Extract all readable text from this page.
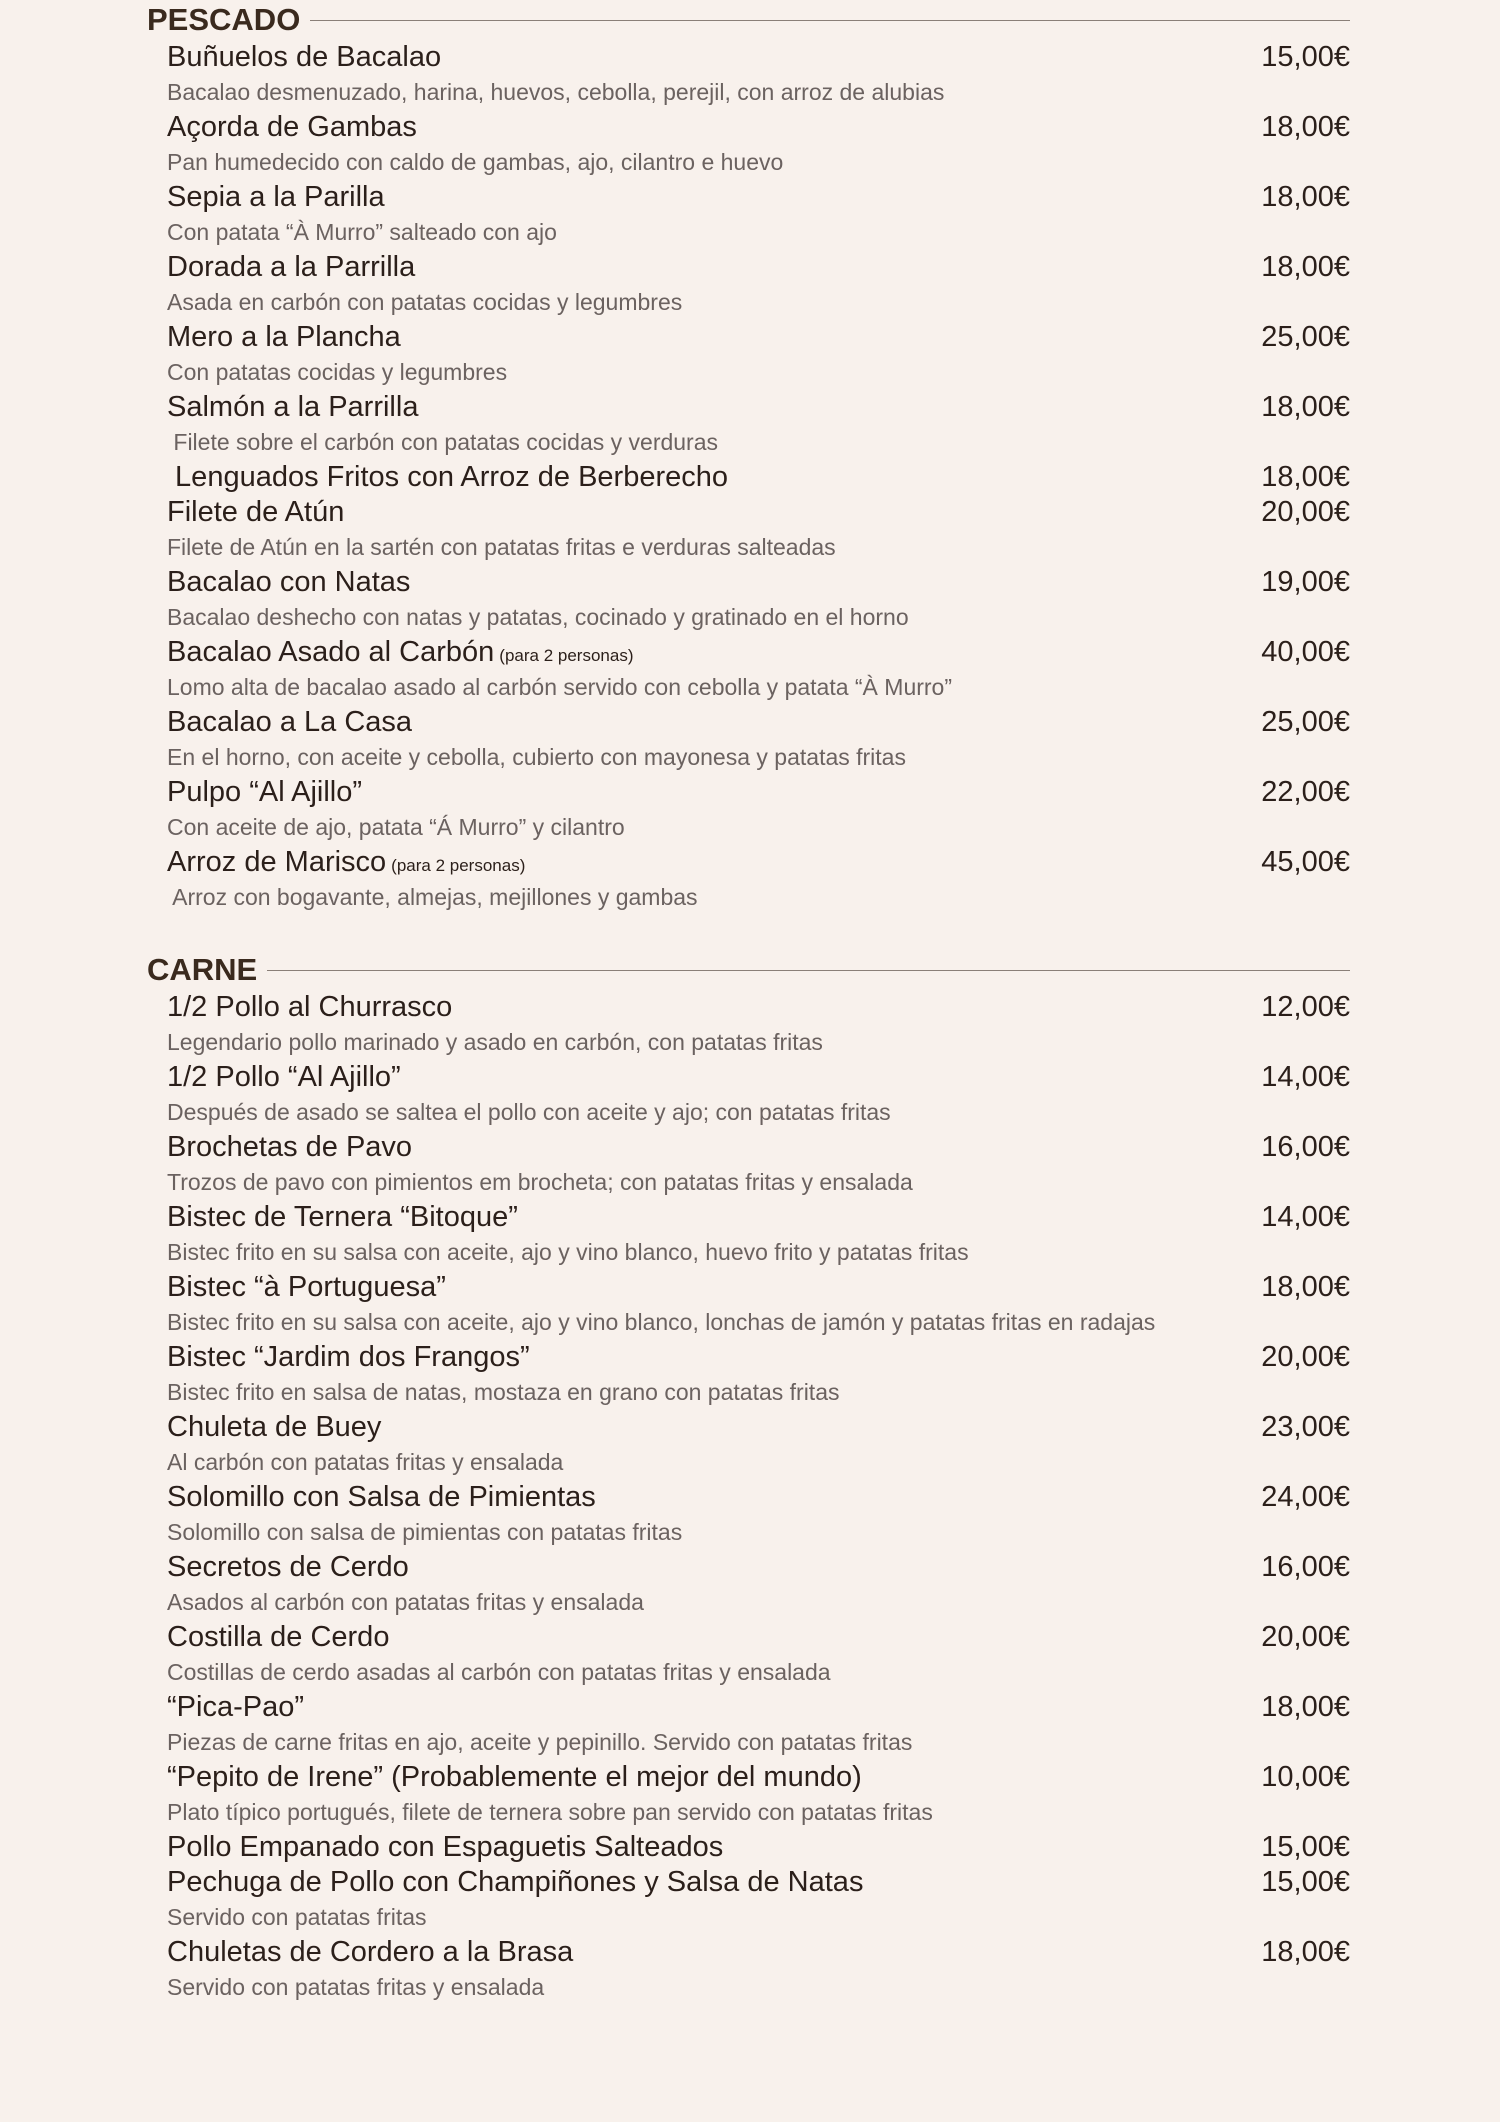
PESCADO
Buñuelos de Bacalao	15,00€
Bacalao desmenuzado, harina, huevos, cebolla, perejil, con arroz de alubias
Açorda de Gambas	18,00€
Pan humedecido con caldo de gambas, ajo, cilantro e huevo
Sepia a la Parilla	18,00€
Con patata “À Murro” salteado con ajo
Dorada a la Parrilla	18,00€
Asada en carbón con patatas cocidas y legumbres
Mero a la Plancha	25,00€
Con patatas cocidas y legumbres
Salmón a la Parrilla	18,00€
Filete sobre el carbón con patatas cocidas y verduras
Lenguados Fritos con Arroz de Berberecho	18,00€
Filete de Atún	20,00€
Filete de Atún en la sartén con patatas fritas e verduras salteadas
Bacalao con Natas	19,00€
Bacalao deshecho con natas y patatas, cocinado y gratinado en el horno
Bacalao Asado al Carbón (para 2 personas)	40,00€
Lomo alta de bacalao asado al carbón servido con cebolla y patata “À Murro”
Bacalao a La Casa	25,00€
En el horno, con aceite y cebolla, cubierto con mayonesa y patatas fritas
Pulpo “Al Ajillo”	22,00€
Con aceite de ajo, patata “Á Murro” y cilantro
Arroz de Marisco (para 2 personas)	45,00€
Arroz con bogavante, almejas, mejillones y gambas
CARNE
1/2 Pollo al Churrasco	12,00€
Legendario pollo marinado y asado en carbón, con patatas fritas
1/2 Pollo “Al Ajillo”	14,00€
Después de asado se saltea el pollo con aceite y ajo; con patatas fritas
Brochetas de Pavo	16,00€
Trozos de pavo con pimientos em brocheta; con patatas fritas y ensalada
Bistec de Ternera “Bitoque”	14,00€
Bistec frito en su salsa con aceite, ajo y vino blanco, huevo frito y patatas fritas
Bistec “à Portuguesa”	18,00€
Bistec frito en su salsa con aceite, ajo y vino blanco, lonchas de jamón y patatas fritas en radajas
Bistec “Jardim dos Frangos”	20,00€
Bistec frito en salsa de natas, mostaza en grano con patatas fritas
Chuleta de Buey	23,00€
Al carbón con patatas fritas y ensalada
Solomillo con Salsa de Pimientas	24,00€
Solomillo con salsa de pimientas con patatas fritas
Secretos de Cerdo	16,00€
Asados al carbón con patatas fritas y ensalada
Costilla de Cerdo	20,00€
Costillas de cerdo asadas al carbón con patatas fritas y ensalada
“Pica-Pao”	18,00€
Piezas de carne fritas en ajo, aceite y pepinillo. Servido con patatas fritas
“Pepito de Irene” (Probablemente el mejor del mundo)	10,00€
Plato típico portugués, filete de ternera sobre pan servido con patatas fritas
Pollo Empanado con Espaguetis Salteados	15,00€
Pechuga de Pollo con Champiñones y Salsa de Natas	15,00€
Servido con patatas fritas
Chuletas de Cordero a la Brasa	18,00€
Servido con patatas fritas y ensalada
